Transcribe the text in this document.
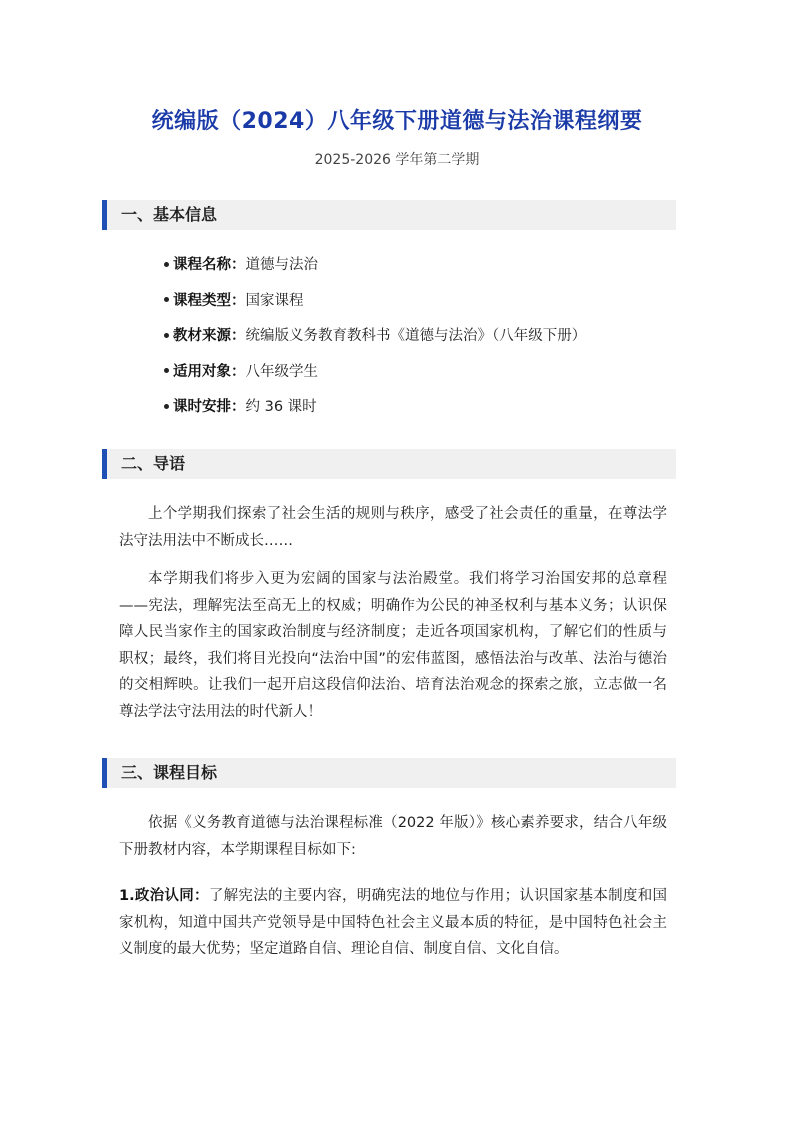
统编版（2024）八年级下册道德与法治课程纲要
2025-2026 学年第二学期
一、基本信息
课程名称：道德与法治
课程类型：国家课程
教材来源：统编版义务教育教科书《道德与法治》（八年级下册）
适用对象：八年级学生
课时安排：约 36 课时
二、导语

上个学期我们探索了社会生活的规则与秩序，感受了社会责任的重量，在尊法学法守法用法中不断成长……

本学期我们将步入更为宏阔的国家与法治殿堂。我们将学习治国安邦的总章程——宪法，理解宪法至高无上的权威；明确作为公民的神圣权利与基本义务；认识保障人民当家作主的国家政治制度与经济制度；走近各项国家机构，了解它们的性质与职权；最终，我们将目光投向“法治中国”的宏伟蓝图，感悟法治与改革、法治与德治的交相辉映。让我们一起开启这段信仰法治、培育法治观念的探索之旅，立志做一名尊法学法守法用法的时代新人！

三、课程目标

依据《义务教育道德与法治课程标准（2022 年版）》核心素养要求，结合八年级下册教材内容，本学期课程目标如下:

1.政治认同：了解宪法的主要内容，明确宪法的地位与作用；认识国家基本制度和国家机构，知道中国共产党领导是中国特色社会主义最本质的特征，是中国特色社会主义制度的最大优势；坚定道路自信、理论自信、制度自信、文化自信。
